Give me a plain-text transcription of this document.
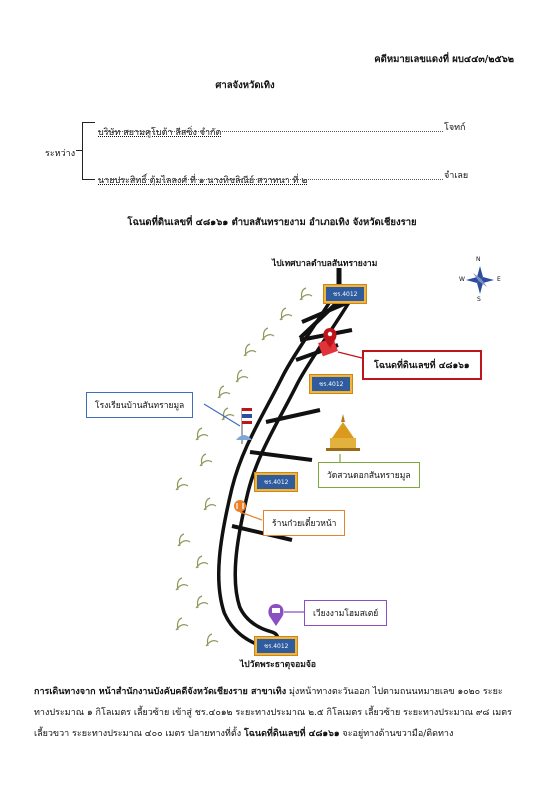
คดีหมายเลขแดงที่ ผบ๔๔๓/๒๕๖๒
ศาลจังหวัดเทิง
ระหว่าง
บริษัท สยามคูโบต้า ลีสซิ่ง จำกัด	โจทก์
นายประสิทธิ์ ตุ้มไลลงศ์ ที่ ๑ นางทิชลิณีย์ สวาทนา ที่ ๒	จำเลย
โฉนดที่ดินเลขที่ ๔๘๑๖๑ ตำบลสันทรายงาม อำเภอเทิง จังหวัดเชียงราย
ไปเทศบาลตำบลสันทรายงาม
ไปวัดพระธาตุจอมจ้อ
N
S
E
W
ชร.4012
ชร.4012
ชร.4012
ชร.4012
โฉนดที่ดินเลขที่ ๔๘๑๖๑
โรงเรียนบ้านสันทรายมูล
วัดสวนดอกสันทรายมูล
ร้านก๋วยเตี๋ยวหน้า
เวียงงามโฮมสเตย์
การเดินทางจาก หน้าสำนักงานบังคับคดีจังหวัดเชียงราย สาขาเทิง มุ่งหน้าทางตะวันออก ไปตามถนนหมายเลข ๑๐๒๐ ระยะทางประมาณ ๑ กิโลเมตร เลี้ยวซ้าย เข้าสู่ ชร.๔๐๑๒ ระยะทางประมาณ ๒.๕ กิโลเมตร เลี้ยวซ้าย ระยะทางประมาณ ๙๘ เมตร เลี้ยวขวา ระยะทางประมาณ ๔๐๐ เมตร ปลายทางที่ตั้ง โฉนดที่ดินเลขที่ ๔๘๑๖๑ จะอยู่ทางด้านขวามือ/ติดทาง
